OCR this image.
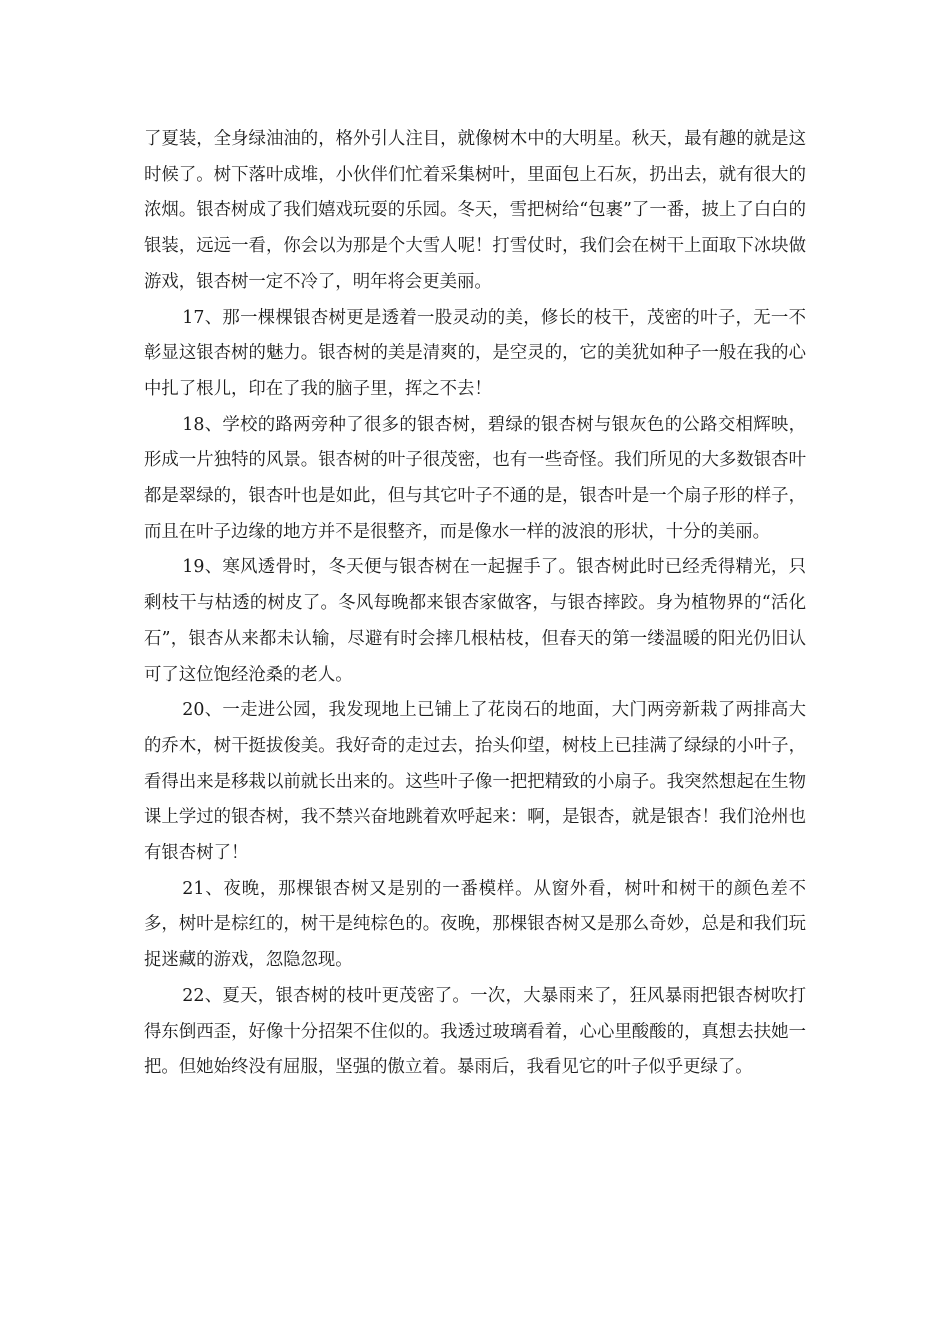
了夏装，全身绿油油的，格外引人注目，就像树木中的大明星。秋天，最有趣的就是这时候了。树下落叶成堆，小伙伴们忙着采集树叶，里面包上石灰，扔出去，就有很大的浓烟。银杏树成了我们嬉戏玩耍的乐园。冬天，雪把树给“包裹”了一番，披上了白白的银装，远远一看，你会以为那是个大雪人呢！打雪仗时，我们会在树干上面取下冰块做游戏，银杏树一定不冷了，明年将会更美丽。

17、那一棵棵银杏树更是透着一股灵动的美，修长的枝干，茂密的叶子，无一不彰显这银杏树的魅力。银杏树的美是清爽的，是空灵的，它的美犹如种子一般在我的心中扎了根儿，印在了我的脑子里，挥之不去！

18、学校的路两旁种了很多的银杏树，碧绿的银杏树与银灰色的公路交相辉映，形成一片独特的风景。银杏树的叶子很茂密，也有一些奇怪。我们所见的大多数银杏叶都是翠绿的，银杏叶也是如此，但与其它叶子不通的是，银杏叶是一个扇子形的样子，而且在叶子边缘的地方并不是很整齐，而是像水一样的波浪的形状，十分的美丽。

19、寒风透骨时，冬天便与银杏树在一起握手了。银杏树此时已经秃得精光，只剩枝干与枯透的树皮了。冬风每晚都来银杏家做客，与银杏摔跤。身为植物界的“活化石”，银杏从来都未认输，尽避有时会摔几根枯枝，但春天的第一缕温暖的阳光仍旧认可了这位饱经沧桑的老人。

20、一走进公园，我发现地上已铺上了花岗石的地面，大门两旁新栽了两排高大的乔木，树干挺拔俊美。我好奇的走过去，抬头仰望，树枝上已挂满了绿绿的小叶子，看得出来是移栽以前就长出来的。这些叶子像一把把精致的小扇子。我突然想起在生物课上学过的银杏树，我不禁兴奋地跳着欢呼起来：啊，是银杏，就是银杏！我们沧州也有银杏树了！

21、夜晚，那棵银杏树又是别的一番模样。从窗外看，树叶和树干的颜色差不多，树叶是棕红的，树干是纯棕色的。夜晚，那棵银杏树又是那么奇妙，总是和我们玩捉迷藏的游戏，忽隐忽现。

22、夏天，银杏树的枝叶更茂密了。一次，大暴雨来了，狂风暴雨把银杏树吹打得东倒西歪，好像十分招架不住似的。我透过玻璃看着，心心里酸酸的，真想去扶她一把。但她始终没有屈服，坚强的傲立着。暴雨后，我看见它的叶子似乎更绿了。
